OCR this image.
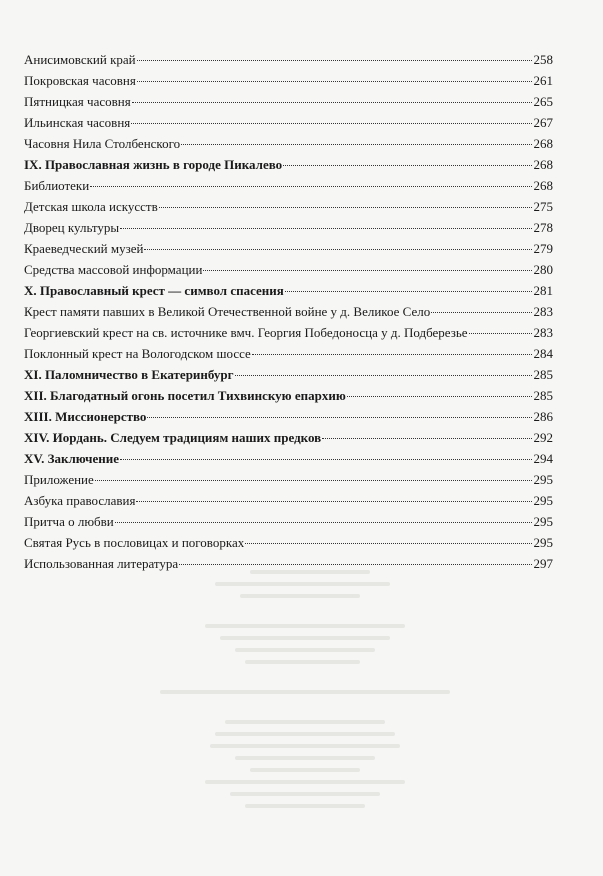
Анисимовский край	258
Покровская часовня	261
Пятницкая часовня	265
Ильинская часовня	267
Часовня Нила Столбенского	268
IX. Православная жизнь в городе Пикалево	268
Библиотеки	268
Детская школа искусств	275
Дворец культуры	278
Краеведческий музей	279
Средства массовой информации	280
X. Православный крест — символ спасения	281
Крест памяти павших в Великой Отечественной войне у д. Великое Село	283
Георгиевский крест на св. источнике вмч. Георгия Победоносца у д. Подберезье	283
Поклонный крест на Вологодском шоссе	284
XI. Паломничество в Екатеринбург	285
XII. Благодатный огонь посетил Тихвинскую епархию	285
XIII. Миссионерство	286
XIV. Иордань. Следуем традициям наших предков	292
XV. Заключение	294
Приложение	295
Азбука православия	295
Притча о любви	295
Святая Русь в пословицах и поговорках	295
Использованная литература	297
